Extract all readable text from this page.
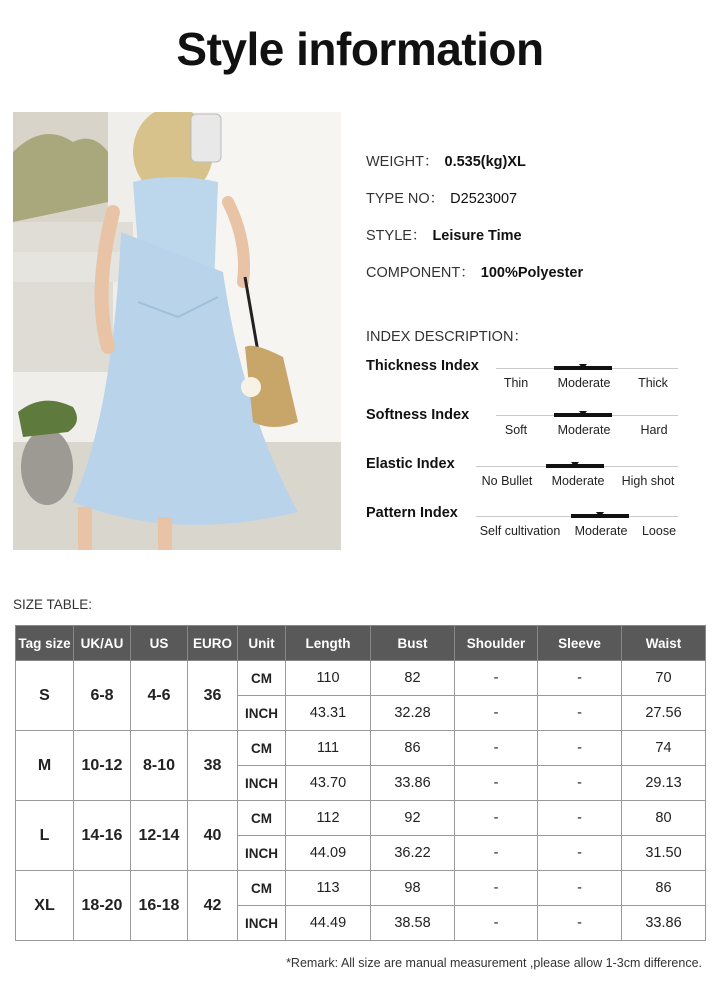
Style information
WEIGHT： 0.535(kg)XL
TYPE NO： D2523007
STYLE： Leisure Time
COMPONENT： 100%Polyester
INDEX DESCRIPTION：
Thickness Index
Thin Moderate Thick
Softness Index
Soft Moderate Hard
Elastic Index
No Bullet Moderate High shot
Pattern Index
Self cultivation Moderate Loose
SIZE TABLE:
Tag size	UK/AU	US	EURO	Unit	Length	Bust	Shoulder	Sleeve	Waist
S	6-8	4-6	36	CM	110	82	-	-	70
				INCH	43.31	32.28	-	-	27.56
M	10-12	8-10	38	CM	111	86	-	-	74
				INCH	43.70	33.86	-	-	29.13
L	14-16	12-14	40	CM	112	92	-	-	80
				INCH	44.09	36.22	-	-	31.50
XL	18-20	16-18	42	CM	113	98	-	-	86
				INCH	44.49	38.58	-	-	33.86
*Remark: All size are manual measurement ,please allow 1-3cm difference.
